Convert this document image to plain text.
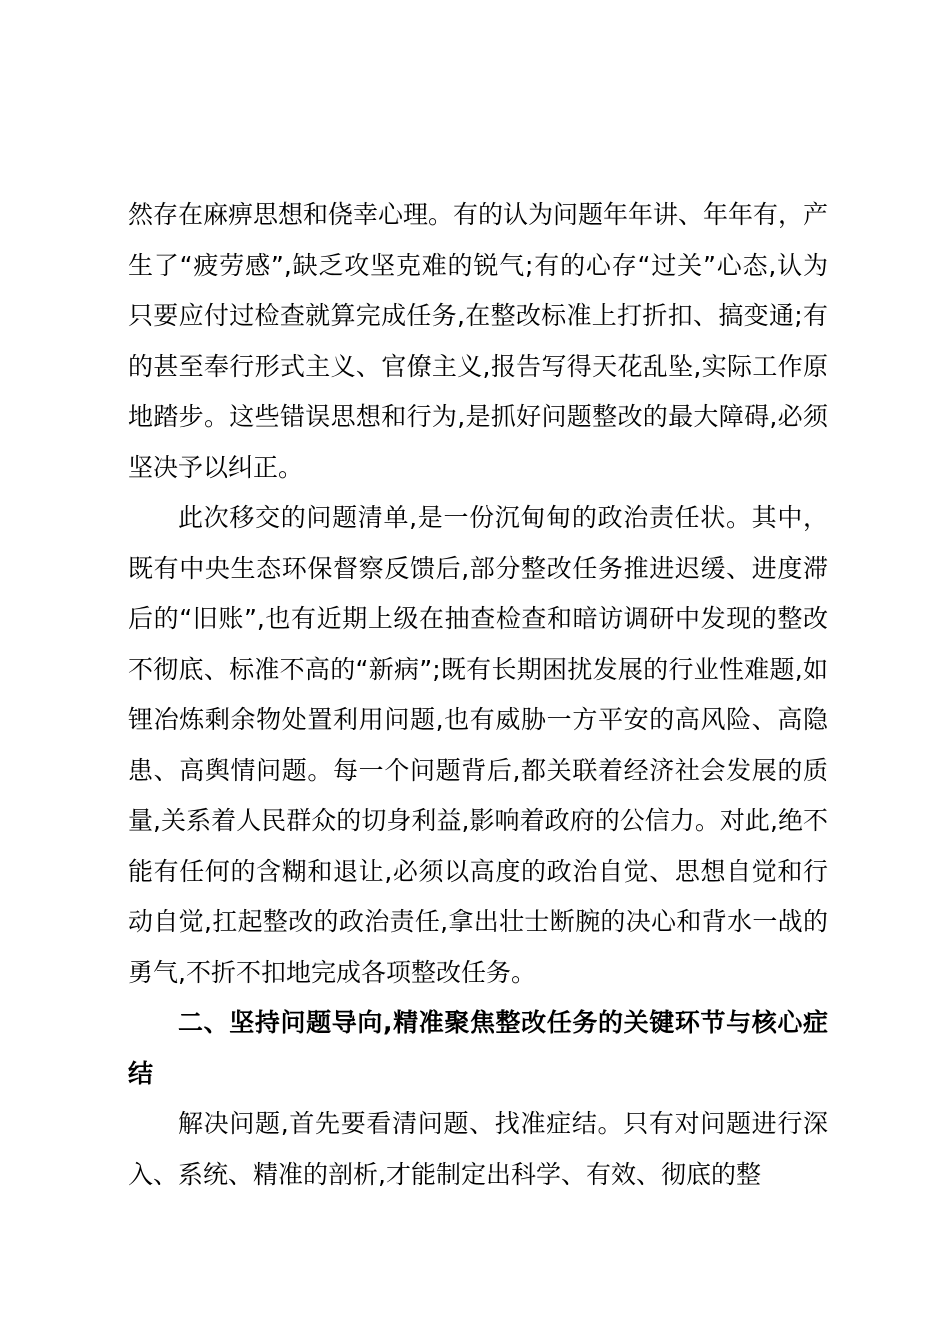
然存在麻痹思想和侥幸心理。有的认为问题年年讲、年年有，产生了“疲劳感”,缺乏攻坚克难的锐气;有的心存“过关”心态,认为只要应付过检查就算完成任务,在整改标准上打折扣、搞变通;有的甚至奉行形式主义、官僚主义,报告写得天花乱坠,实际工作原地踏步。这些错误思想和行为,是抓好问题整改的最大障碍,必须坚决予以纠正。

此次移交的问题清单,是一份沉甸甸的政治责任状。其中，既有中央生态环保督察反馈后,部分整改任务推进迟缓、进度滞后的“旧账”,也有近期上级在抽查检查和暗访调研中发现的整改不彻底、标准不高的“新病”;既有长期困扰发展的行业性难题,如锂冶炼剩余物处置利用问题,也有威胁一方平安的高风险、高隐患、高舆情问题。每一个问题背后,都关联着经济社会发展的质量,关系着人民群众的切身利益,影响着政府的公信力。对此,绝不能有任何的含糊和退让,必须以高度的政治自觉、思想自觉和行动自觉,扛起整改的政治责任,拿出壮士断腕的决心和背水一战的勇气,不折不扣地完成各项整改任务。

二、坚持问题导向,精准聚焦整改任务的关键环节与核心症结

解决问题,首先要看清问题、找准症结。只有对问题进行深入、系统、精准的剖析,才能制定出科学、有效、彻底的整
